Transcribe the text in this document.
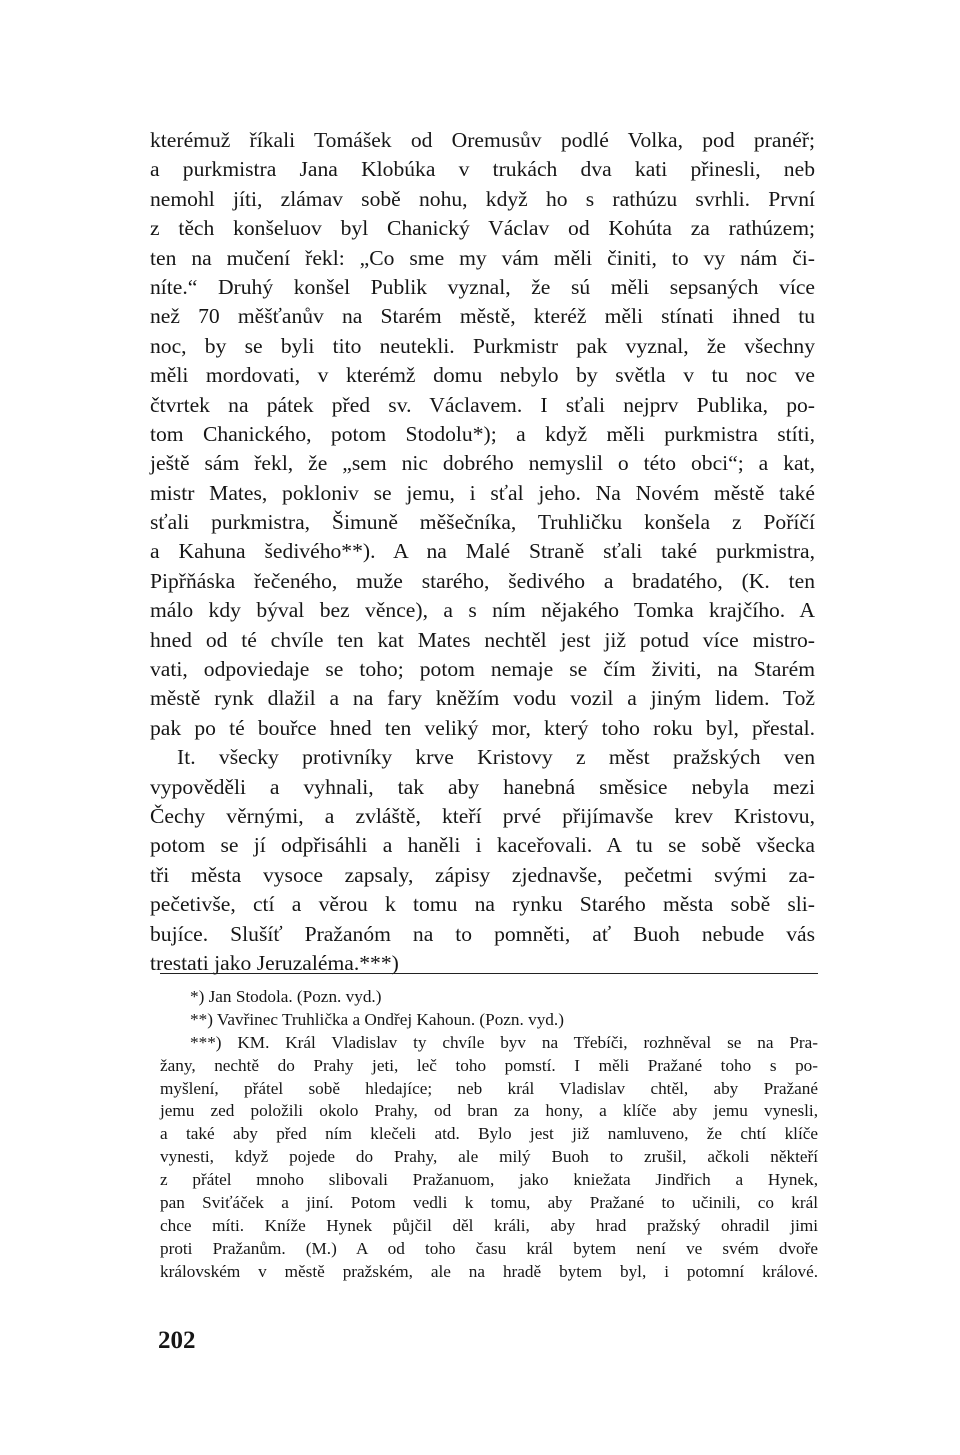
kterémuž říkali Tomášek od Oremusův podlé Volka, pod pranéř;
a purkmistra Jana Klobúka v trukách dva kati přinesli, neb
nemohl jíti, zlámav sobě nohu, když ho s rathúzu svrhli. První
z těch konšeluov byl Chanický Václav od Kohúta za rathúzem;
ten na mučení řekl: „Co sme my vám měli činiti, to vy nám či-
níte.“ Druhý konšel Publik vyznal, že sú měli sepsaných více
než 70 měšťanův na Starém městě, kteréž měli stínati ihned tu
noc, by se byli tito neutekli. Purkmistr pak vyznal, že všechny
měli mordovati, v kterémž domu nebylo by světla v tu noc ve
čtvrtek na pátek před sv. Václavem. I sťali nejprv Publika, po-
tom Chanického, potom Stodolu*); a když měli purkmistra stíti,
ještě sám řekl, že „sem nic dobrého nemyslil o této obci“; a kat,
mistr Mates, pokloniv se jemu, i sťal jeho. Na Novém městě také
sťali purkmistra, Šimuně měšečníka, Truhličku konšela z Poříčí
a Kahuna šedivého**). A na Malé Straně sťali také purkmistra,
Pipřňáska řečeného, muže starého, šedivého a bradatého, (K. ten
málo kdy býval bez věnce), a s ním nějakého Tomka krajčího. A
hned od té chvíle ten kat Mates nechtěl jest již potud více mistro-
vati, odpoviedaje se toho; potom nemaje se čím živiti, na Starém
městě rynk dlažil a na fary kněžím vodu vozil a jiným lidem. Tož
pak po té bouřce hned ten veliký mor, který toho roku byl, přestal.
It. všecky protivníky krve Kristovy z měst pražských ven
vypověděli a vyhnali, tak aby hanebná směsice nebyla mezi
Čechy věrnými, a zvláště, kteří prvé přijímavše krev Kristovu,
potom se jí odpřisáhli a haněli i kaceřovali. A tu se sobě všecka
tři města vysoce zapsaly, zápisy zjednavše, pečetmi svými za-
pečetivše, ctí a věrou k tomu na rynku Starého města sobě sli-
bujíce. Slušíť Pražanóm na to pomněti, ať Buoh nebude vás
trestati jako Jeruzaléma.***)

*) Jan Stodola. (Pozn. vyd.)
**) Vavřinec Truhlička a Ondřej Kahoun. (Pozn. vyd.)
***) KM. Král Vladislav ty chvíle byv na Třebíči, rozhněval se na Pra-
žany, nechtě do Prahy jeti, leč toho pomstí. I měli Pražané toho s po-
myšlení, přátel sobě hledajíce; neb král Vladislav chtěl, aby Pražané
jemu zed položili okolo Prahy, od bran za hony, a klíče aby jemu vynesli,
a také aby před ním klečeli atd. Bylo jest již namluveno, že chtí klíče
vynesti, když pojede do Prahy, ale milý Buoh to zrušil, ačkoli někteří
z přátel mnoho slibovali Pražanuom, jako kniežata Jindřich a Hynek,
pan Sviťáček a jiní. Potom vedli k tomu, aby Pražané to učinili, co král
chce míti. Kníže Hynek půjčil děl králi, aby hrad pražský ohradil jimi
proti Pražanům. (M.) A od toho času král bytem není ve svém dvoře
královském v městě pražském, ale na hradě bytem byl, i potomní králové.
202
